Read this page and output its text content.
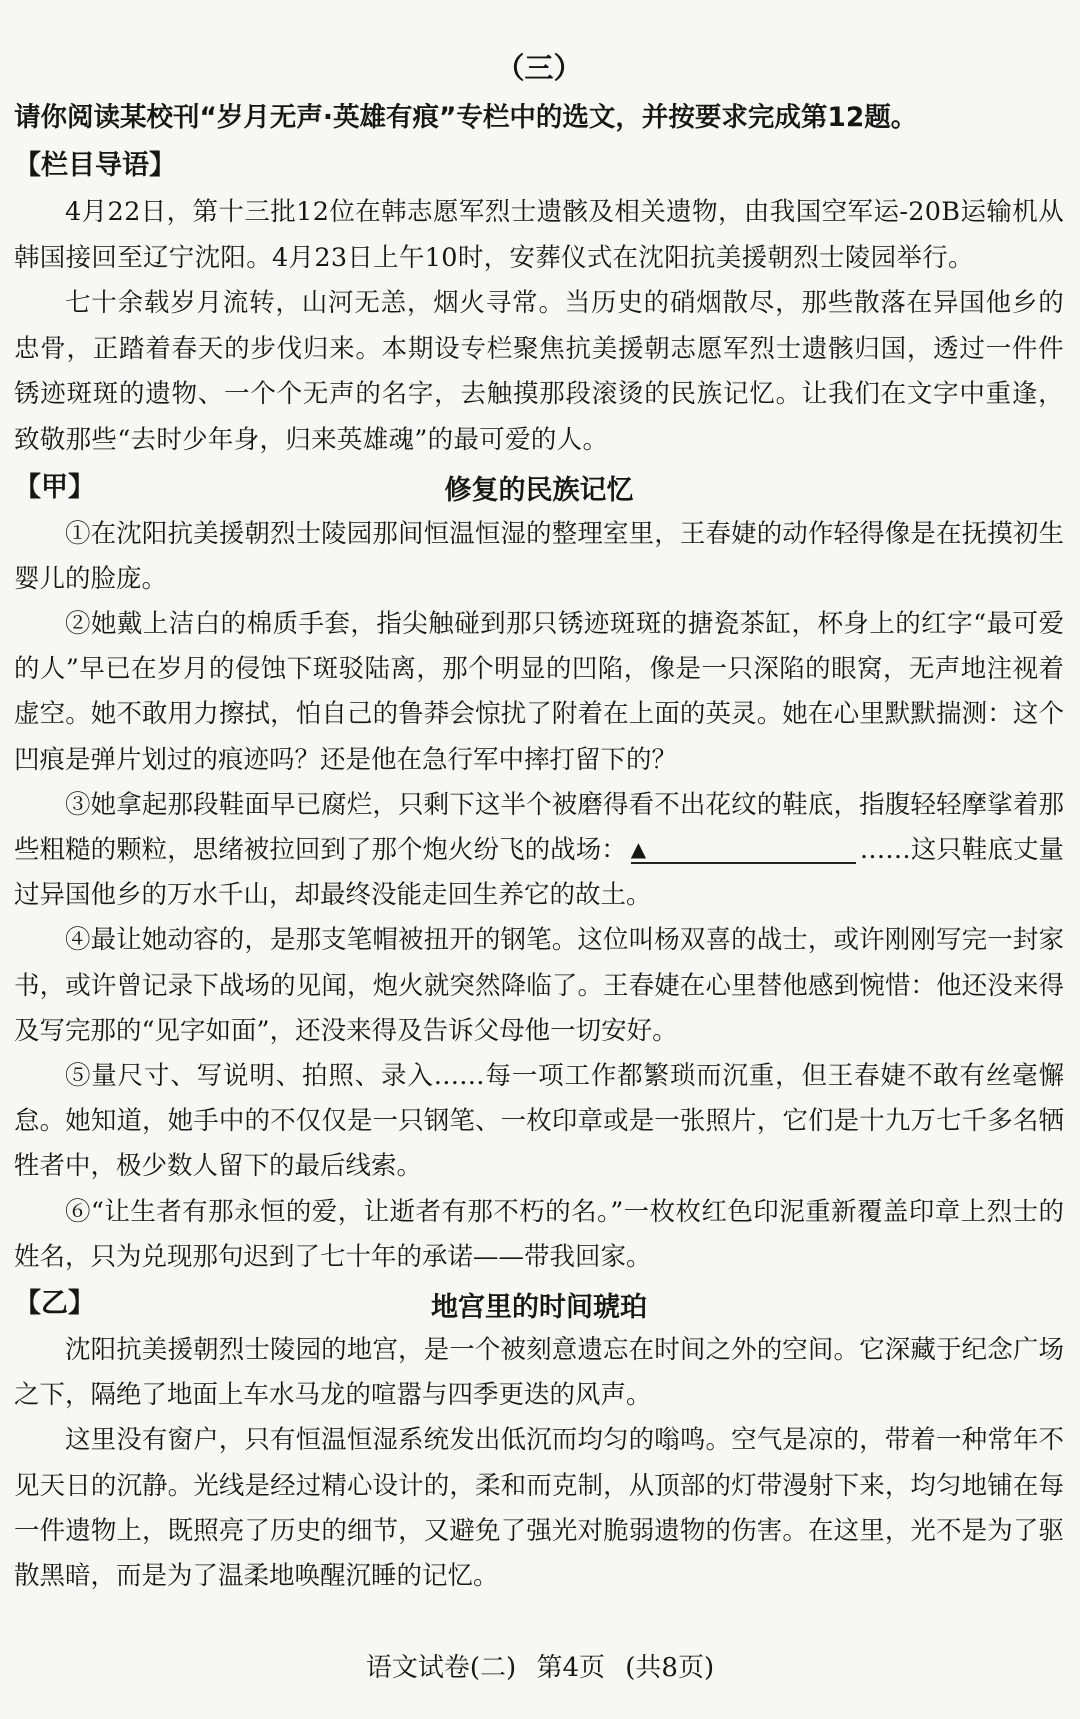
（三）
请你阅读某校刊“岁月无声·英雄有痕”专栏中的选文，并按要求完成第12题。
【栏目导语】

4月22日，第十三批12位在韩志愿军烈士遗骸及相关遗物，由我国空军运-20B运输机从韩国接回至辽宁沈阳。4月23日上午10时，安葬仪式在沈阳抗美援朝烈士陵园举行。

七十余载岁月流转，山河无恙，烟火寻常。当历史的硝烟散尽，那些散落在异国他乡的忠骨，正踏着春天的步伐归来。本期设专栏聚焦抗美援朝志愿军烈士遗骸归国，透过一件件锈迹斑斑的遗物、一个个无声的名字，去触摸那段滚烫的民族记忆。让我们在文字中重逢，致敬那些“去时少年身，归来英雄魂”的最可爱的人。

【甲】	修复的民族记忆

①在沈阳抗美援朝烈士陵园那间恒温恒湿的整理室里，王春婕的动作轻得像是在抚摸初生婴儿的脸庞。

②她戴上洁白的棉质手套，指尖触碰到那只锈迹斑斑的搪瓷茶缸，杯身上的红字“最可爱的人”早已在岁月的侵蚀下斑驳陆离，那个明显的凹陷，像是一只深陷的眼窝，无声地注视着虚空。她不敢用力擦拭，怕自己的鲁莽会惊扰了附着在上面的英灵。她在心里默默揣测：这个凹痕是弹片划过的痕迹吗？还是他在急行军中摔打留下的？

③她拿起那段鞋面早已腐烂，只剩下这半个被磨得看不出花纹的鞋底，指腹轻轻摩挲着那些粗糙的颗粒，思绪被拉回到了那个炮火纷飞的战场： ▲	……这只鞋底丈量过异国他乡的万水千山，却最终没能走回生养它的故土。

④最让她动容的，是那支笔帽被扭开的钢笔。这位叫杨双喜的战士，或许刚刚写完一封家书，或许曾记录下战场的见闻，炮火就突然降临了。王春婕在心里替他感到惋惜：他还没来得及写完那的“见字如面”，还没来得及告诉父母他一切安好。

⑤量尺寸、写说明、拍照、录入……每一项工作都繁琐而沉重，但王春婕不敢有丝毫懈怠。她知道，她手中的不仅仅是一只钢笔、一枚印章或是一张照片，它们是十九万七千多名牺牲者中，极少数人留下的最后线索。

⑥“让生者有那永恒的爱，让逝者有那不朽的名。”一枚枚红色印泥重新覆盖印章上烈士的姓名，只为兑现那句迟到了七十年的承诺——带我回家。

【乙】	地宫里的时间琥珀

沈阳抗美援朝烈士陵园的地宫，是一个被刻意遗忘在时间之外的空间。它深藏于纪念广场之下，隔绝了地面上车水马龙的喧嚣与四季更迭的风声。

这里没有窗户，只有恒温恒湿系统发出低沉而均匀的嗡鸣。空气是凉的，带着一种常年不见天日的沉静。光线是经过精心设计的，柔和而克制，从顶部的灯带漫射下来，均匀地铺在每一件遗物上，既照亮了历史的细节，又避免了强光对脆弱遗物的伤害。在这里，光不是为了驱散黑暗，而是为了温柔地唤醒沉睡的记忆。

语文试卷(二) 第4页 (共8页)
